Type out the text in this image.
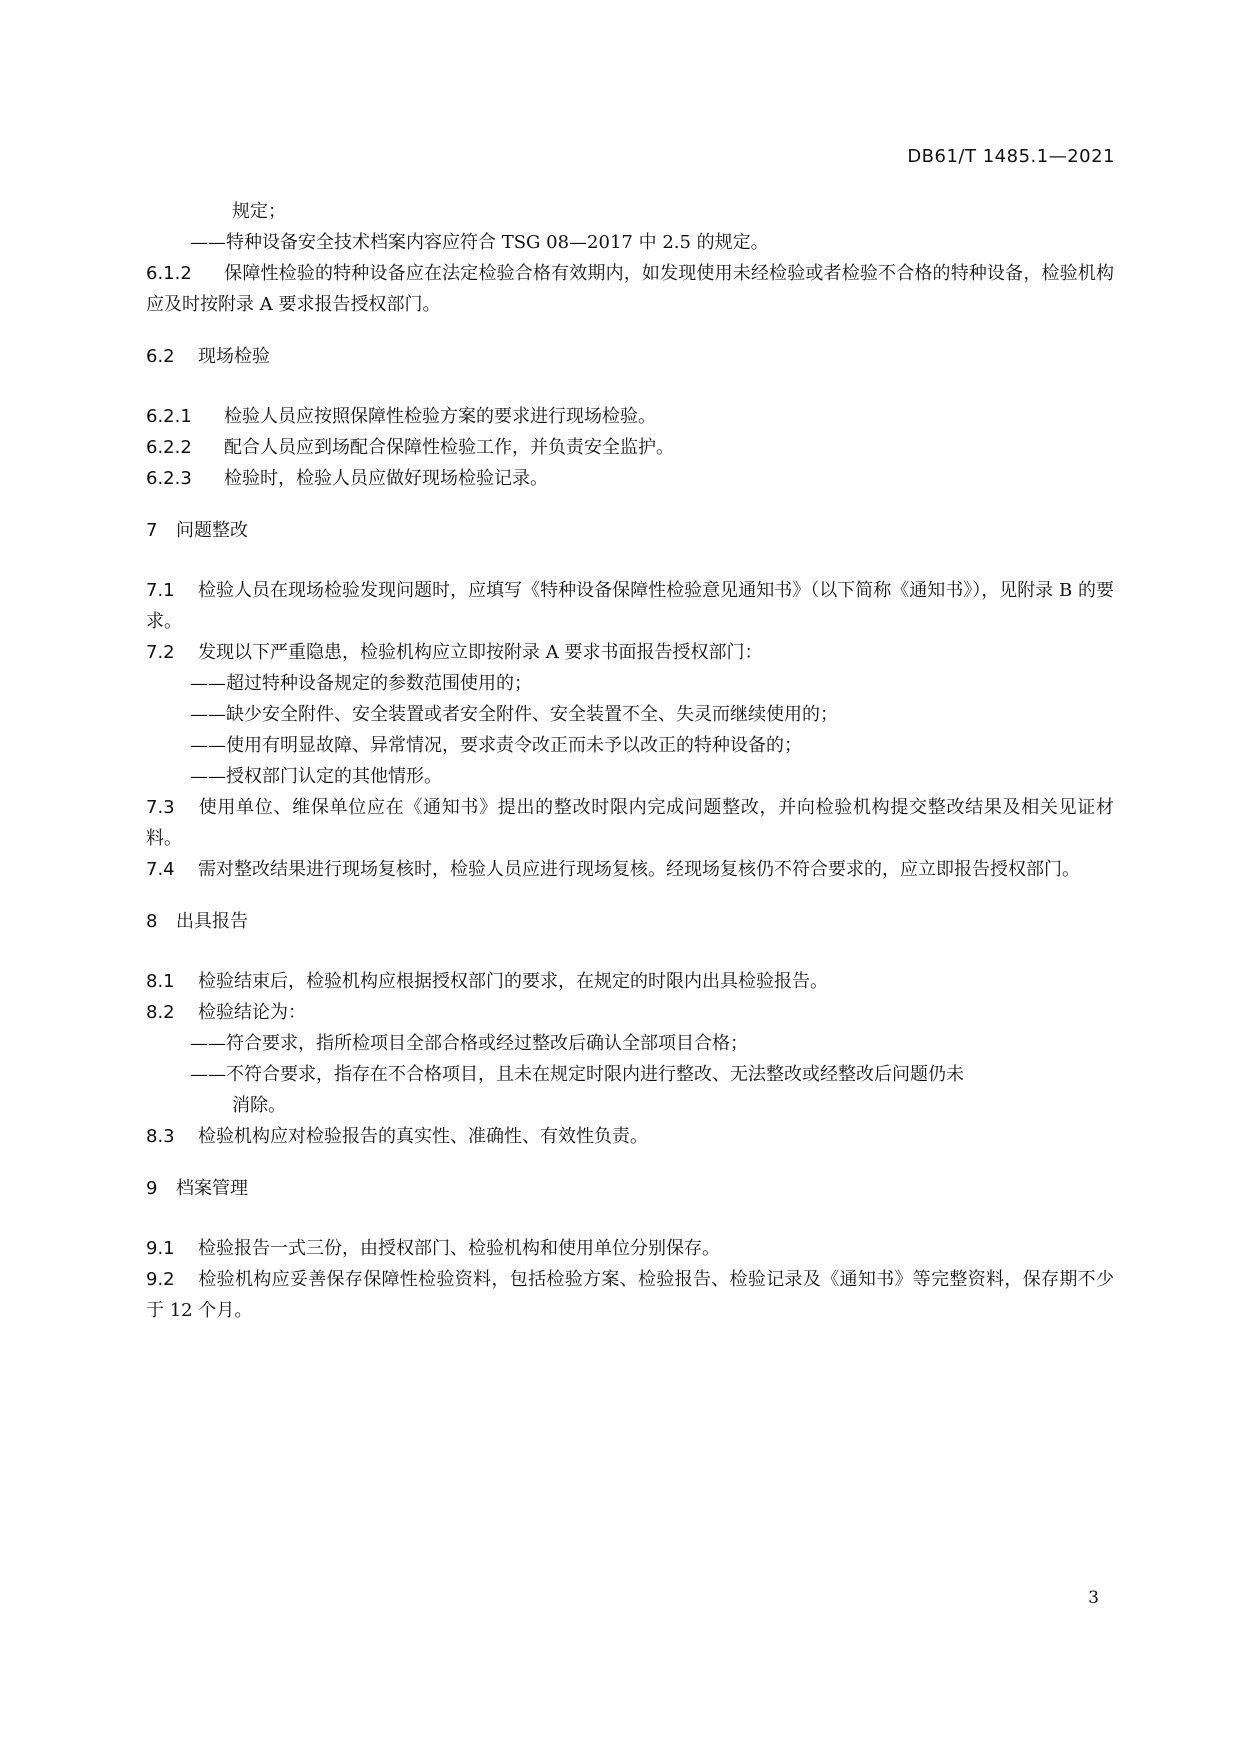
DB61/T 1485.1—2021
规定；
——特种设备安全技术档案内容应符合 TSG 08—2017 中 2.5 的规定。
6.1.2 保障性检验的特种设备应在法定检验合格有效期内，如发现使用未经检验或者检验不合格的特种设备，检验机构应及时按附录 A 要求报告授权部门。
6.2 现场检验
6.2.1 检验人员应按照保障性检验方案的要求进行现场检验。
6.2.2 配合人员应到场配合保障性检验工作，并负责安全监护。
6.2.3 检验时，检验人员应做好现场检验记录。
7 问题整改
7.1 检验人员在现场检验发现问题时，应填写《特种设备保障性检验意见通知书》（以下简称《通知书》），见附录 B 的要求。
7.2 发现以下严重隐患，检验机构应立即按附录 A 要求书面报告授权部门：
——超过特种设备规定的参数范围使用的；
——缺少安全附件、安全装置或者安全附件、安全装置不全、失灵而继续使用的；
——使用有明显故障、异常情况，要求责令改正而未予以改正的特种设备的；
——授权部门认定的其他情形。
7.3 使用单位、维保单位应在《通知书》提出的整改时限内完成问题整改，并向检验机构提交整改结果及相关见证材料。
7.4 需对整改结果进行现场复核时，检验人员应进行现场复核。经现场复核仍不符合要求的，应立即报告授权部门。
8 出具报告
8.1 检验结束后，检验机构应根据授权部门的要求，在规定的时限内出具检验报告。
8.2 检验结论为：
——符合要求，指所检项目全部合格或经过整改后确认全部项目合格；
——不符合要求，指存在不合格项目，且未在规定时限内进行整改、无法整改或经整改后问题仍未
消除。
8.3 检验机构应对检验报告的真实性、准确性、有效性负责。
9 档案管理
9.1 检验报告一式三份，由授权部门、检验机构和使用单位分别保存。
9.2 检验机构应妥善保存保障性检验资料，包括检验方案、检验报告、检验记录及《通知书》等完整资料，保存期不少于 12 个月。
3
